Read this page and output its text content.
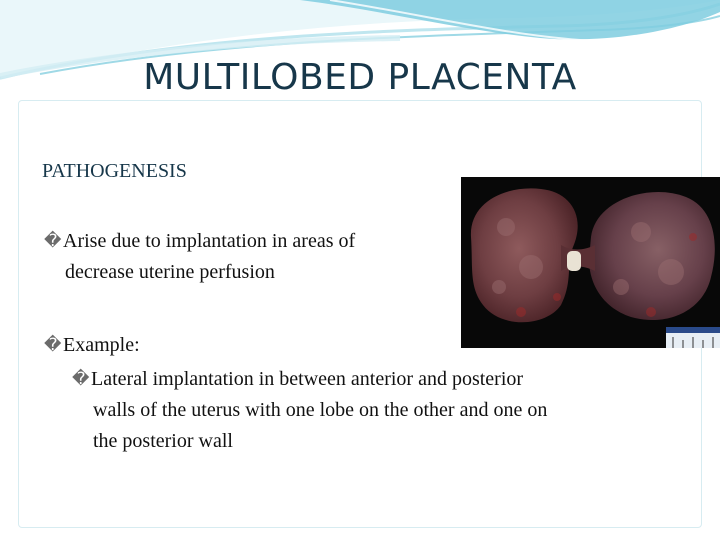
MULTILOBED PLACENTA
PATHOGENESIS
�Arise due to implantation in areas of
decrease uterine perfusion
�Example:
�Lateral implantation in between anterior and posterior
walls of the uterus with one lobe on the other and one on
the posterior wall
